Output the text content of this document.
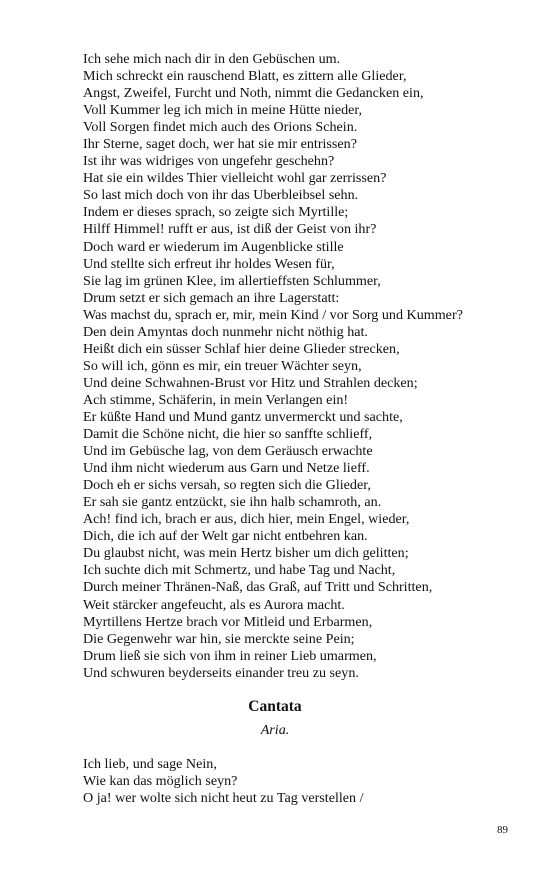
Ich sehe mich nach dir in den Gebüschen um.
Mich schreckt ein rauschend Blatt, es zittern alle Glieder,
Angst, Zweifel, Furcht und Noth, nimmt die Gedancken ein,
Voll Kummer leg ich mich in meine Hütte nieder,
Voll Sorgen findet mich auch des Orions Schein.
Ihr Sterne, saget doch, wer hat sie mir entrissen?
Ist ihr was widriges von ungefehr geschehn?
Hat sie ein wildes Thier vielleicht wohl gar zerrissen?
So last mich doch von ihr das Uberbleibsel sehn.
Indem er dieses sprach, so zeigte sich Myrtille;
Hilff Himmel! rufft er aus, ist diß der Geist von ihr?
Doch ward er wiederum im Augenblicke stille
Und stellte sich erfreut ihr holdes Wesen für,
Sie lag im grünen Klee, im allertieffsten Schlummer,
Drum setzt er sich gemach an ihre Lagerstatt:
Was machst du, sprach er, mir, mein Kind / vor Sorg und Kummer?
Den dein Amyntas doch nunmehr nicht nöthig hat.
Heißt dich ein süsser Schlaf hier deine Glieder strecken,
So will ich, gönn es mir, ein treuer Wächter seyn,
Und deine Schwahnen-Brust vor Hitz und Strahlen decken;
Ach stimme, Schäferin, in mein Verlangen ein!
Er küßte Hand und Mund gantz unvermerckt und sachte,
Damit die Schöne nicht, die hier so sanffte schlieff,
Und im Gebüsche lag, von dem Geräusch erwachte
Und ihm nicht wiederum aus Garn und Netze lieff.
Doch eh er sichs versah, so regten sich die Glieder,
Er sah sie gantz entzückt, sie ihn halb schamroth, an.
Ach! find ich, brach er aus, dich hier, mein Engel, wieder,
Dich, die ich auf der Welt gar nicht entbehren kan.
Du glaubst nicht, was mein Hertz bisher um dich gelitten;
Ich suchte dich mit Schmertz, und habe Tag und Nacht,
Durch meiner Thränen-Naß, das Graß, auf Tritt und Schritten,
Weit stärcker angefeucht, als es Aurora macht.
Myrtillens Hertze brach vor Mitleid und Erbarmen,
Die Gegenwehr war hin, sie merckte seine Pein;
Drum ließ sie sich von ihm in reiner Lieb umarmen,
Und schwuren beyderseits einander treu zu seyn.
Cantata
Aria.
Ich lieb, und sage Nein,
Wie kan das möglich seyn?
O ja! wer wolte sich nicht heut zu Tag verstellen /
89
